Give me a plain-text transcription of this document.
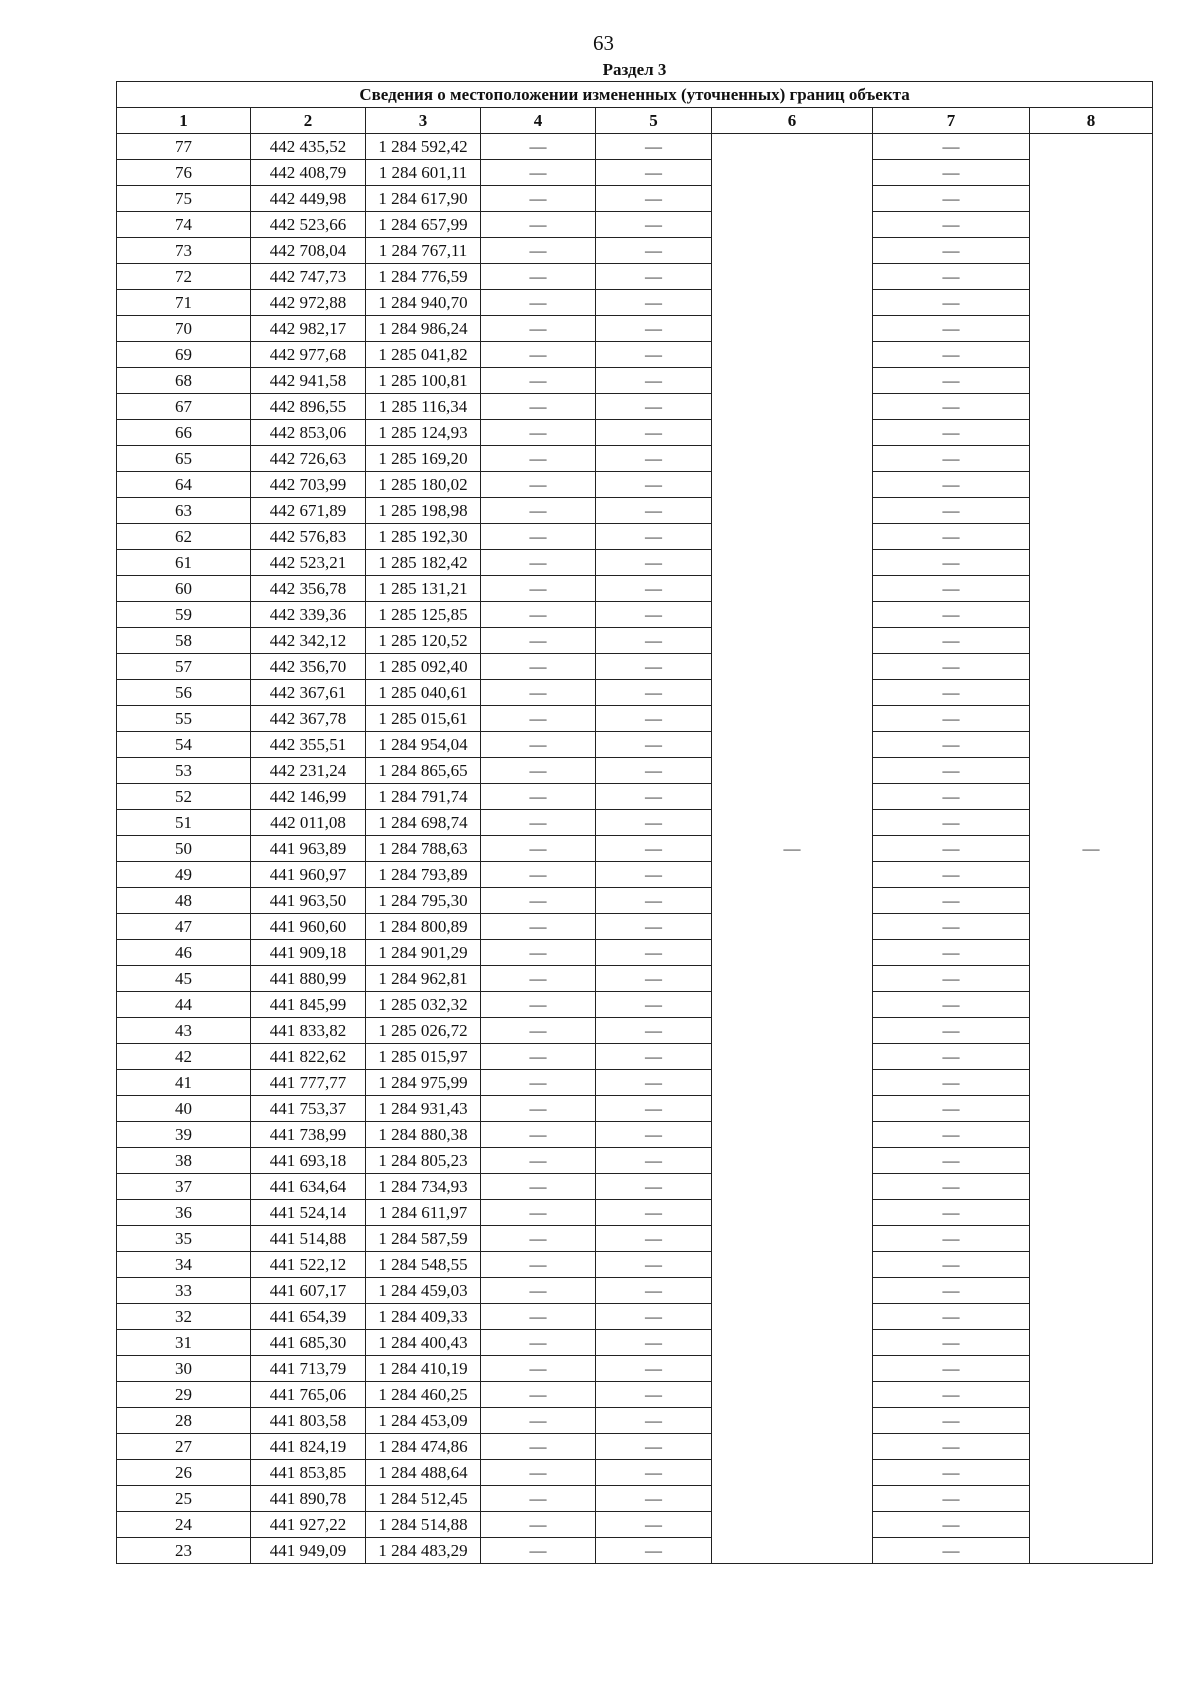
63
Раздел 3
Сведения о местоположении измененных (уточненных) границ объекта							
1	2	3	4	5	6	7	8
77	442 435,52	1 284 592,42	—	—	—	—	—
76	442 408,79	1 284 601,11	—	—		—	
75	442 449,98	1 284 617,90	—	—		—	
74	442 523,66	1 284 657,99	—	—		—	
73	442 708,04	1 284 767,11	—	—		—	
72	442 747,73	1 284 776,59	—	—		—	
71	442 972,88	1 284 940,70	—	—		—	
70	442 982,17	1 284 986,24	—	—		—	
69	442 977,68	1 285 041,82	—	—		—	
68	442 941,58	1 285 100,81	—	—		—	
67	442 896,55	1 285 116,34	—	—		—	
66	442 853,06	1 285 124,93	—	—		—	
65	442 726,63	1 285 169,20	—	—		—	
64	442 703,99	1 285 180,02	—	—		—	
63	442 671,89	1 285 198,98	—	—		—	
62	442 576,83	1 285 192,30	—	—		—	
61	442 523,21	1 285 182,42	—	—		—	
60	442 356,78	1 285 131,21	—	—		—	
59	442 339,36	1 285 125,85	—	—		—	
58	442 342,12	1 285 120,52	—	—		—	
57	442 356,70	1 285 092,40	—	—		—	
56	442 367,61	1 285 040,61	—	—		—	
55	442 367,78	1 285 015,61	—	—		—	
54	442 355,51	1 284 954,04	—	—		—	
53	442 231,24	1 284 865,65	—	—		—	
52	442 146,99	1 284 791,74	—	—		—	
51	442 011,08	1 284 698,74	—	—		—	
50	441 963,89	1 284 788,63	—	—		—	
49	441 960,97	1 284 793,89	—	—		—	
48	441 963,50	1 284 795,30	—	—		—	
47	441 960,60	1 284 800,89	—	—		—	
46	441 909,18	1 284 901,29	—	—		—	
45	441 880,99	1 284 962,81	—	—		—	
44	441 845,99	1 285 032,32	—	—		—	
43	441 833,82	1 285 026,72	—	—		—	
42	441 822,62	1 285 015,97	—	—		—	
41	441 777,77	1 284 975,99	—	—		—	
40	441 753,37	1 284 931,43	—	—		—	
39	441 738,99	1 284 880,38	—	—		—	
38	441 693,18	1 284 805,23	—	—		—	
37	441 634,64	1 284 734,93	—	—		—	
36	441 524,14	1 284 611,97	—	—		—	
35	441 514,88	1 284 587,59	—	—		—	
34	441 522,12	1 284 548,55	—	—		—	
33	441 607,17	1 284 459,03	—	—		—	
32	441 654,39	1 284 409,33	—	—		—	
31	441 685,30	1 284 400,43	—	—		—	
30	441 713,79	1 284 410,19	—	—		—	
29	441 765,06	1 284 460,25	—	—		—	
28	441 803,58	1 284 453,09	—	—		—	
27	441 824,19	1 284 474,86	—	—		—	
26	441 853,85	1 284 488,64	—	—		—	
25	441 890,78	1 284 512,45	—	—		—	
24	441 927,22	1 284 514,88	—	—		—	
23	441 949,09	1 284 483,29	—	—		—	
